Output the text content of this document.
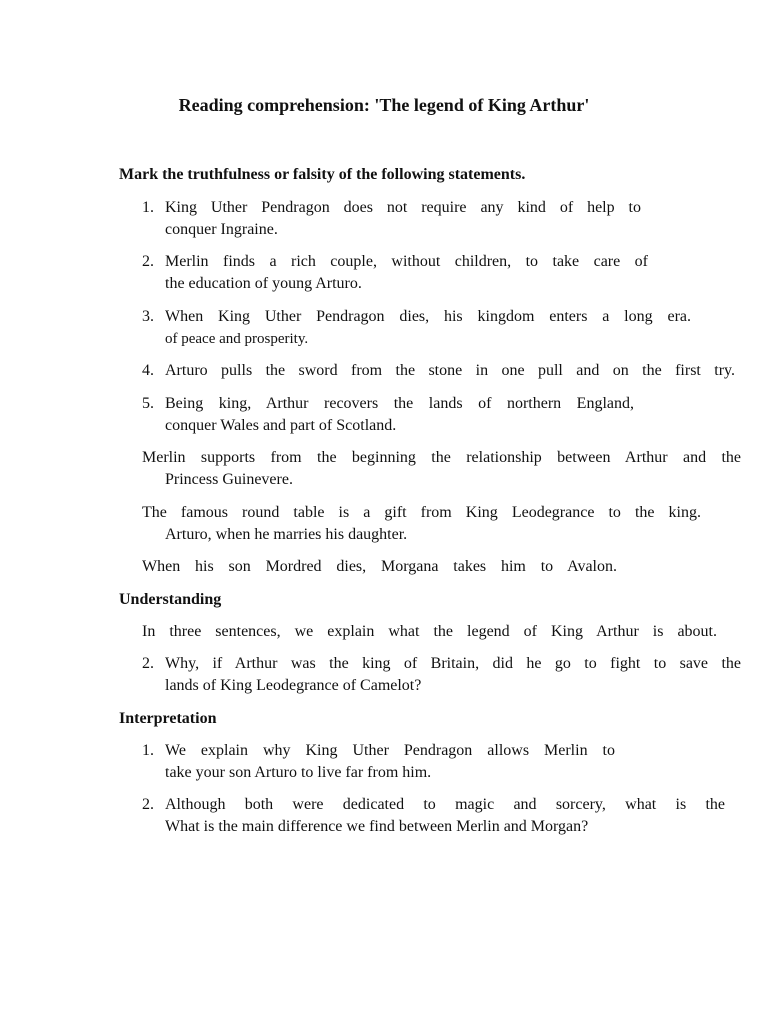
Reading comprehension: 'The legend of King Arthur'

Mark the truthfulness or falsity of the following statements.

1. King Uther Pendragon does not require any kind of help to
conquer Ingraine.
2. Merlin finds a rich couple, without children, to take care of
the education of young Arturo.
3. When King Uther Pendragon dies, his kingdom enters a long era.
of peace and prosperity.
4. Arturo pulls the sword from the stone in one pull and on the first try.
5. Being king, Arthur recovers the lands of northern England,
conquer Wales and part of Scotland.
Merlin supports from the beginning the relationship between Arthur and the
Princess Guinevere.
The famous round table is a gift from King Leodegrance to the king.
Arturo, when he marries his daughter.
When his son Mordred dies, Morgana takes him to Avalon.

Understanding

In three sentences, we explain what the legend of King Arthur is about.
2. Why, if Arthur was the king of Britain, did he go to fight to save the
lands of King Leodegrance of Camelot?

Interpretation

1. We explain why King Uther Pendragon allows Merlin to
take your son Arturo to live far from him.
2. Although both were dedicated to magic and sorcery, what is the
What is the main difference we find between Merlin and Morgan?
